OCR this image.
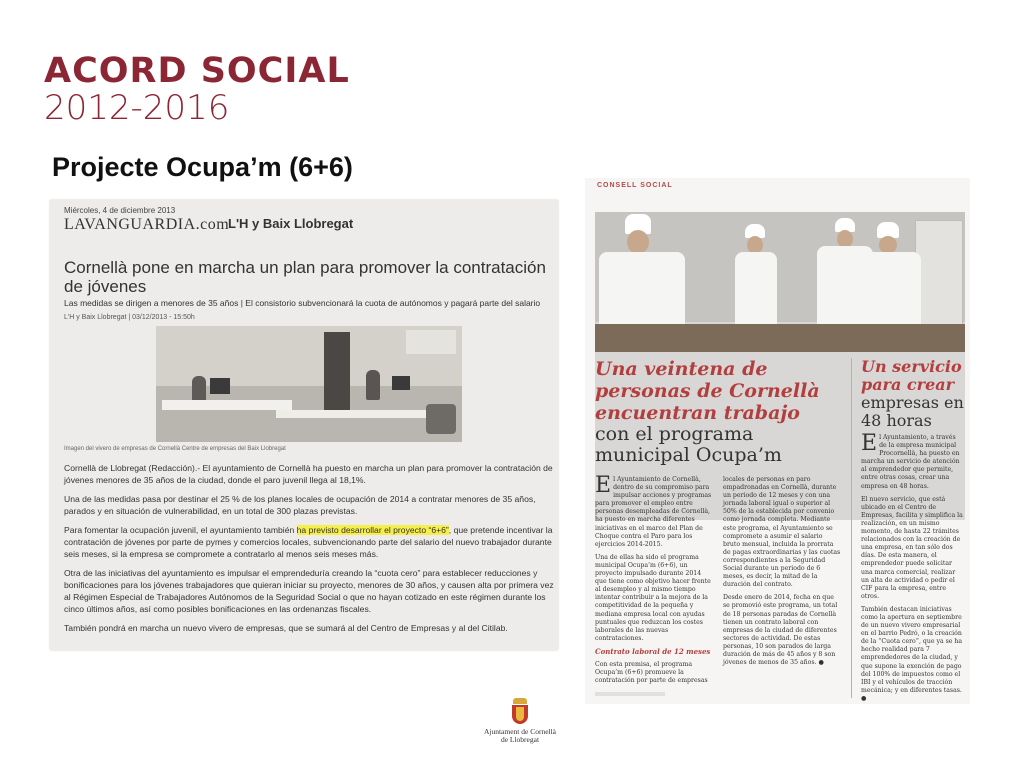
ACORD SOCIAL
2012-2016
Projecte Ocupa’m (6+6)
Miércoles, 4 de diciembre 2013
LAVANGUARDIA.com
L'H y Baix Llobregat
Cornellà pone en marcha un plan para promover la contratación de jóvenes
Las medidas se dirigen a menores de 35 años | El consistorio subvencionará la cuota de autónomos y pagará parte del salario
L'H y Baix Llobregat | 03/12/2013 - 15:50h
Imagen del vivero de empresas de Cornellà Centre de empresas del Baix Llobregat

Cornellà de Llobregat (Redacción).- El ayuntamiento de Cornellà ha puesto en marcha un plan para promover la contratación de jóvenes menores de 35 años de la ciudad, donde el paro juvenil llega al 18,1%.

Una de las medidas pasa por destinar el 25 % de los planes locales de ocupación de 2014 a contratar menores de 35 años, parados y en situación de vulnerabilidad, en un total de 300 plazas previstas.

Para fomentar la ocupación juvenil, el ayuntamiento también ha previsto desarrollar el proyecto “6+6”, que pretende incentivar la contratación de jóvenes por parte de pymes y comercios locales, subvencionando parte del salario del nuevo trabajador durante seis meses, si la empresa se compromete a contratarlo al menos seis meses más.

Otra de las iniciativas del ayuntamiento es impulsar el emprendeduría creando la “cuota cero” para establecer reducciones y bonificaciones para los jóvenes trabajadores que quieran iniciar su proyecto, menores de 30 años, y causen alta por primera vez al Régimen Especial de Trabajadores Autónomos de la Seguridad Social o que no hayan cotizado en este régimen durante los cinco últimos años, así como posibles bonificaciones en las ordenanzas fiscales.

También pondrá en marcha un nuevo vivero de empresas, que se sumará al del Centro de Empresas y al del Citilab.

CONSELL SOCIAL
Una veintena de personas de Cornellà encuentran trabajo
con el programa municipal Ocupa’m
Un servicio para crear
empresas en 48 horas

El Ayuntamiento de Cornellà, dentro de su compromiso para impulsar acciones y programas para promover el empleo entre personas desempleadas de Cornellà, ha puesto en marcha diferentes iniciativas en el marco del Plan de Choque contra el Paro para los ejercicios 2014-2015.

Una de ellas ha sido el programa municipal Ocupa’m (6+6), un proyecto impulsado durante 2014 que tiene como objetivo hacer frente al desempleo y al mismo tiempo intentar contribuir a la mejora de la competitividad de la pequeña y mediana empresa local con ayudas puntuales que reduzcan los costes laborales de las nuevas contrataciones.

Contrato laboral de 12 meses

Con esta premisa, el programa Ocupa’m (6+6) promueve la contratación por parte de empresas

locales de personas en paro empadronadas en Cornellà, durante un periodo de 12 meses y con una jornada laboral igual o superior al 50% de la establecida por convenio como jornada completa. Mediante este programa, el Ayuntamiento se compromete a asumir el salario bruto mensual, incluida la prorrata de pagas extraordinarias y las cuotas correspondientes a la Seguridad Social durante un periodo de 6 meses, es decir, la mitad de la duración del contrato.

Desde enero de 2014, fecha en que se promovió este programa, un total de 18 personas paradas de Cornellà tienen un contrato laboral con empresas de la ciudad de diferentes sectores de actividad. De estas personas, 10 son parados de larga duración de más de 45 años y 8 son jóvenes de menos de 35 años. ●

El Ayuntamiento, a través de la empresa municipal Procornellà, ha puesto en marcha un servicio de atención al emprendedor que permite, entre otras cosas, crear una empresa en 48 horas.

El nuevo servicio, que está ubicado en el Centro de Empresas, facilita y simplifica la realización, en un mismo momento, de hasta 22 trámites relacionados con la creación de una empresa, en tan sólo dos días. De esta manera, el emprendedor puede solicitar una marca comercial, realizar un alta de actividad o pedir el CIF para la empresa, entre otros.

También destacan iniciativas como la apertura en septiembre de un nuevo vivero empresarial en el barrio Pedró, o la creación de la “Cuota cero”, que ya se ha hecho realidad para 7 emprendedores de la ciudad, y que supone la exención de pago del 100% de impuestos como el IBI y el vehículos de tracción mecánica; y en diferentes tasas. ●

Ajuntament de Cornellà
de Llobregat
